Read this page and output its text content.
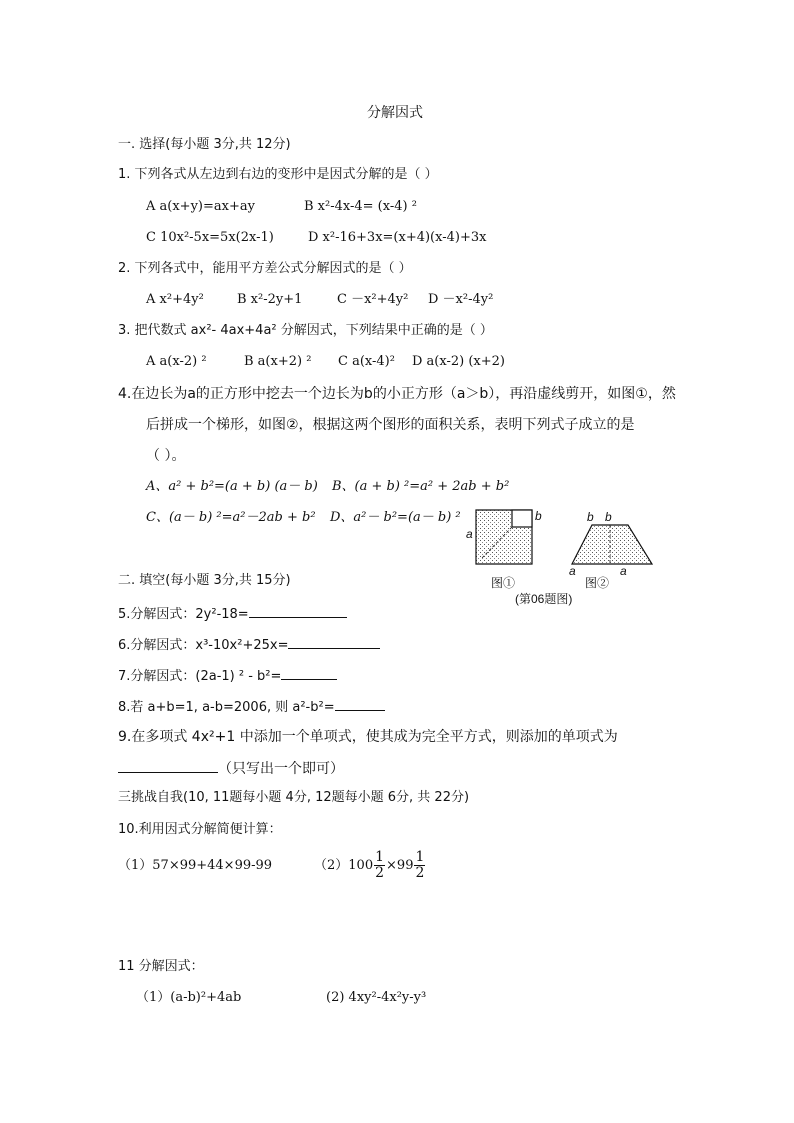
分解因式
一. 选择(每小题 3分,共 12分)
1. 下列各式从左边到右边的变形中是因式分解的是（ ）
A a(x+y)=ax+ay	B x²-4x-4= (x-4) ²
C 10x²-5x=5x(2x-1)	D x²-16+3x=(x+4)(x-4)+3x
2. 下列各式中，能用平方差公式分解因式的是（ ）
A x²+4y²	B x²-2y+1	C －x²+4y² D －x²-4y²
3. 把代数式 ax²- 4ax+4a² 分解因式，下列结果中正确的是（ ）
A a(x-2) ²	B a(x+2) ² C a(x-4)² D a(x-2) (x+2)
4.在边长为a的正方形中挖去一个边长为b的小正方形（a＞b），再沿虚线剪开，如图①，然
后拼成一个梯形，如图②，根据这两个图形的面积关系，表明下列式子成立的是
（ ）。
A、a² + b²=(a + b) (a－ b) B、(a + b) ²=a² + 2ab + b²
C、(a－ b) ²=a²－2ab + b² D、a²－ b²=(a－ b) ²	b
a
b b
a	a
图①	图②
(第06题图)
二. 填空(每小题 3分,共 15分)
5.分解因式：2y²-18=
6.分解因式：x³-10x²+25x=
7.分解因式：(2a-1) ² - b²=
8.若 a+b=1, a-b=2006, 则 a²-b²=
9.在多项式 4x²+1 中添加一个单项式，使其成为完全平方式，则添加的单项式为
（只写出一个即可）
三挑战自我(10, 11题每小题 4分, 12题每小题 6分, 共 22分)
10.利用因式分解简便计算：
（1）57×99+44×99-99	$(2)100 \frac{1}{2} \times 99 \frac{1}{2}$
11 分解因式：
（1）(a-b)²+4ab	(2) 4xy²-4x²y-y³
